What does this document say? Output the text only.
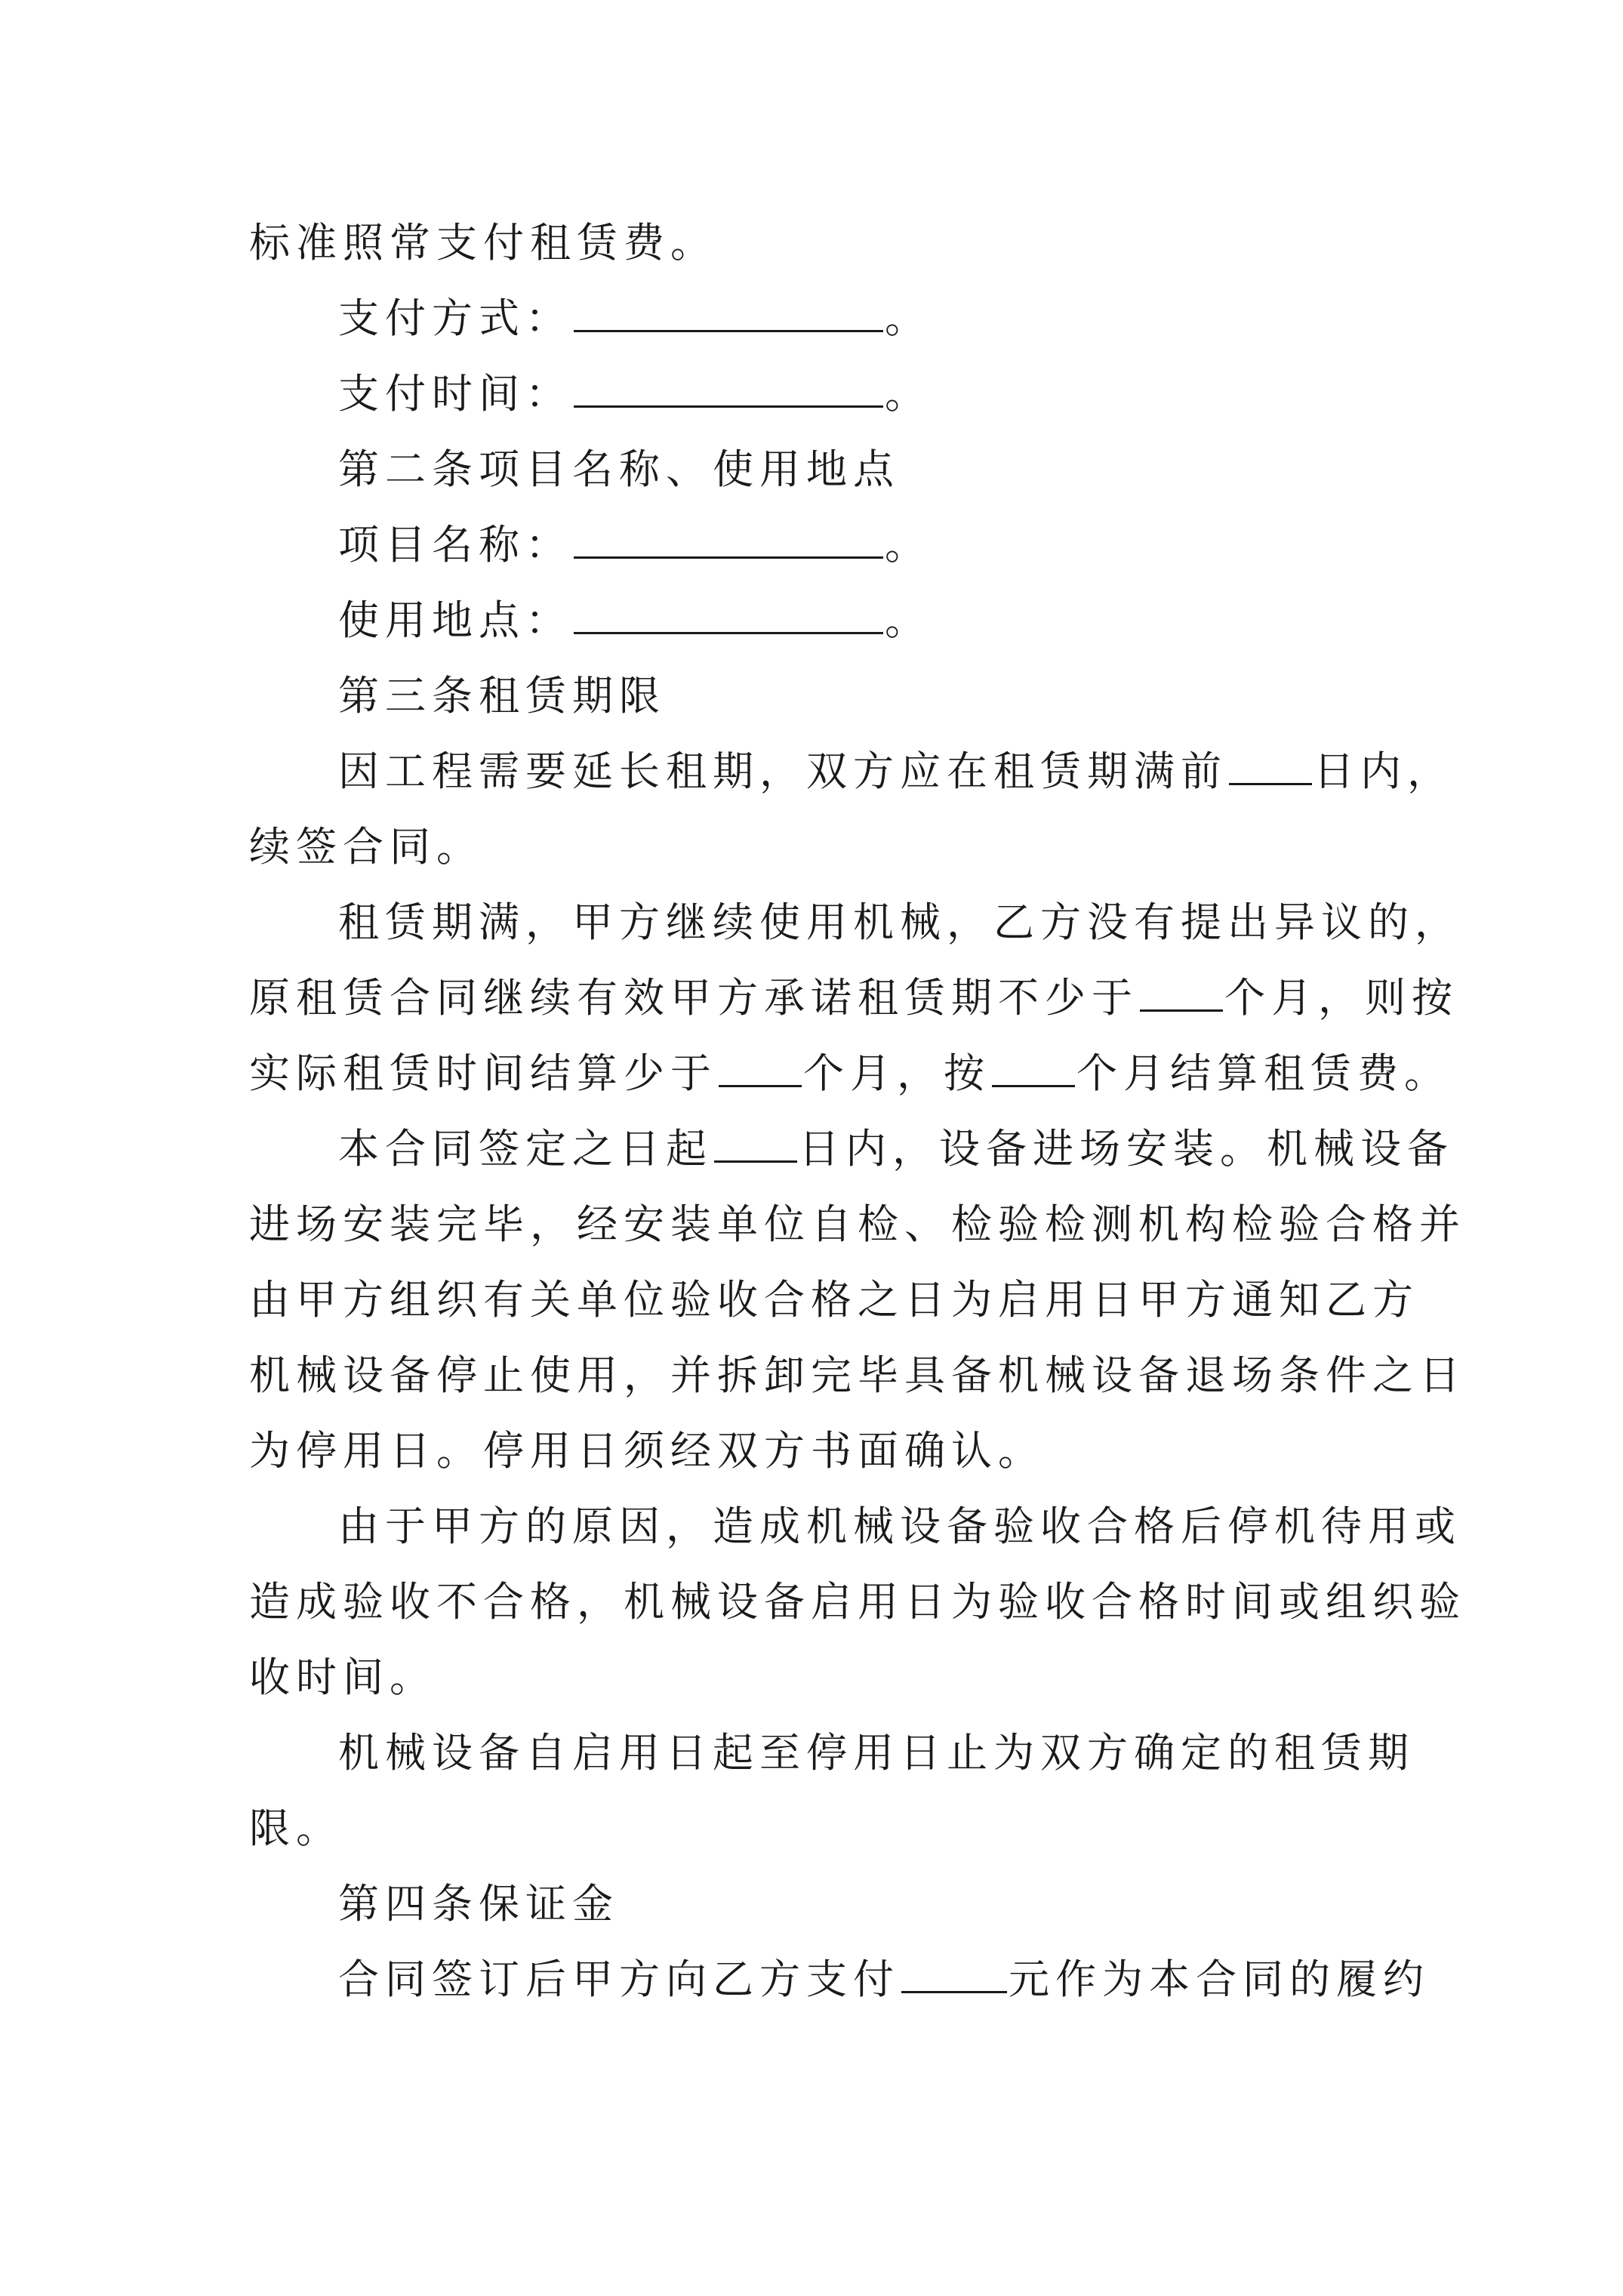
标准照常支付租赁费。
支付方式：	。
支付时间：	。
第二条项目名称、使用地点
项目名称：	。
使用地点：	。
第三条租赁期限
因工程需要延长租期，双方应在租赁期满前 日内，
续签合同。
租赁期满，甲方继续使用机械，乙方没有提出异议的，
原租赁合同继续有效甲方承诺租赁期不少于 个月，则按
实际租赁时间结算少于 个月，按 个月结算租赁费。
本合同签定之日起 日内，设备进场安装。机械设备
进场安装完毕，经安装单位自检、检验检测机构检验合格并
由甲方组织有关单位验收合格之日为启用日甲方通知乙方
机械设备停止使用，并拆卸完毕具备机械设备退场条件之日
为停用日。停用日须经双方书面确认。
由于甲方的原因，造成机械设备验收合格后停机待用或
造成验收不合格，机械设备启用日为验收合格时间或组织验
收时间。
机械设备自启用日起至停用日止为双方确定的租赁期
限。
第四条保证金
合同签订后甲方向乙方支付	元作为本合同的履约
